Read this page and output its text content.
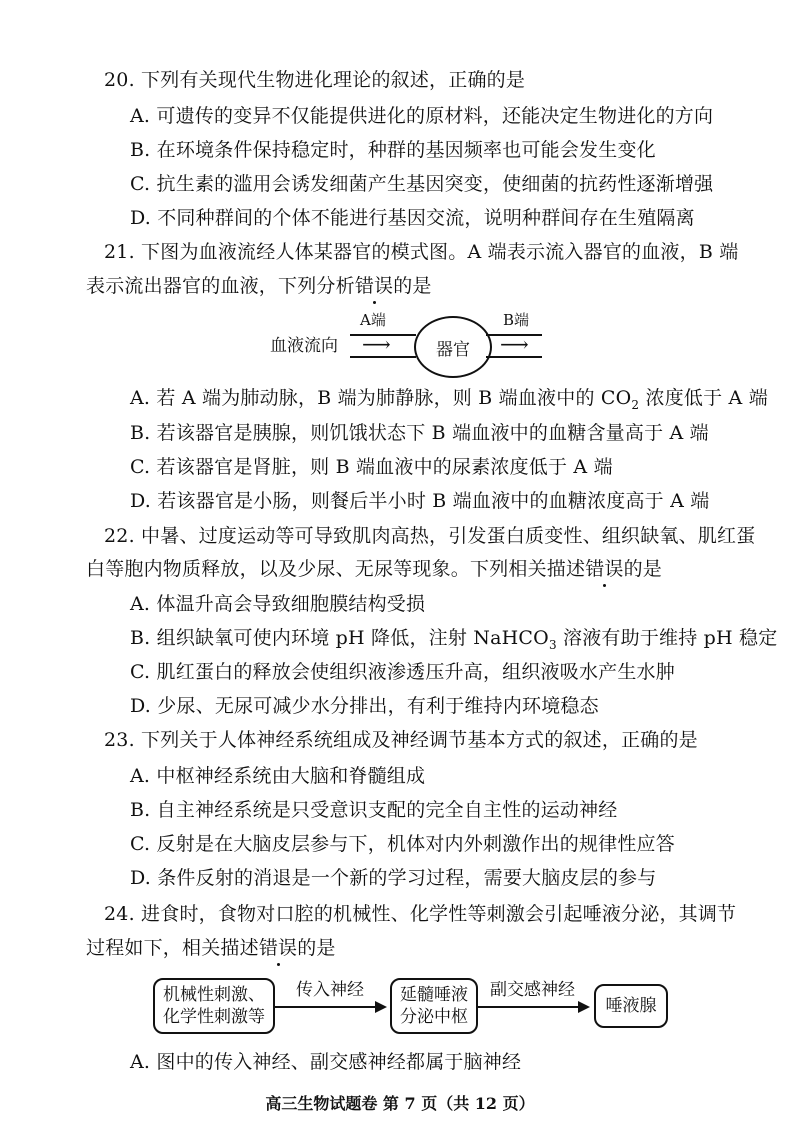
20. 下列有关现代生物进化理论的叙述，正确的是
A. 可遗传的变异不仅能提供进化的原材料，还能决定生物进化的方向
B. 在环境条件保持稳定时，种群的基因频率也可能会发生变化
C. 抗生素的滥用会诱发细菌产生基因突变，使细菌的抗药性逐渐增强
D. 不同种群间的个体不能进行基因交流，说明种群间存在生殖隔离
21. 下图为血液流经人体某器官的模式图。A 端表示流入器官的血液，B 端
表示流出器官的血液，下列分析错误的是
血液流向
A端	B端
⟶	⟶
器官
A. 若 A 端为肺动脉，B 端为肺静脉，则 B 端血液中的 $CO_2$ 浓度低于 A 端
B. 若该器官是胰腺，则饥饿状态下 B 端血液中的血糖含量高于 A 端
C. 若该器官是肾脏，则 B 端血液中的尿素浓度低于 A 端
D. 若该器官是小肠，则餐后半小时 B 端血液中的血糖浓度高于 A 端
22. 中暑、过度运动等可导致肌肉高热，引发蛋白质变性、组织缺氧、肌红蛋
白等胞内物质释放，以及少尿、无尿等现象。下列相关描述错误的是
A. 体温升高会导致细胞膜结构受损
B. 组织缺氧可使内环境 pH 降低，注射 NaHCO$_3$ 溶液有助于维持 pH 稳定
C. 肌红蛋白的释放会使组织液渗透压升高，组织液吸水产生水肿
D. 少尿、无尿可减少水分排出，有利于维持内环境稳态
23. 下列关于人体神经系统组成及神经调节基本方式的叙述，正确的是
A. 中枢神经系统由大脑和脊髓组成
B. 自主神经系统是只受意识支配的完全自主性的运动神经
C. 反射是在大脑皮层参与下，机体对内外刺激作出的规律性应答
D. 条件反射的消退是一个新的学习过程，需要大脑皮层的参与
24. 进食时，食物对口腔的机械性、化学性等刺激会引起唾液分泌，其调节
过程如下，相关描述错误的是
机械性刺激、
化学性刺激等
传入神经	延髓唾液
分泌中枢
副交感神经
唾液腺
A. 图中的传入神经、副交感神经都属于脑神经
高三生物试题卷 第 7 页（共 12 页）
